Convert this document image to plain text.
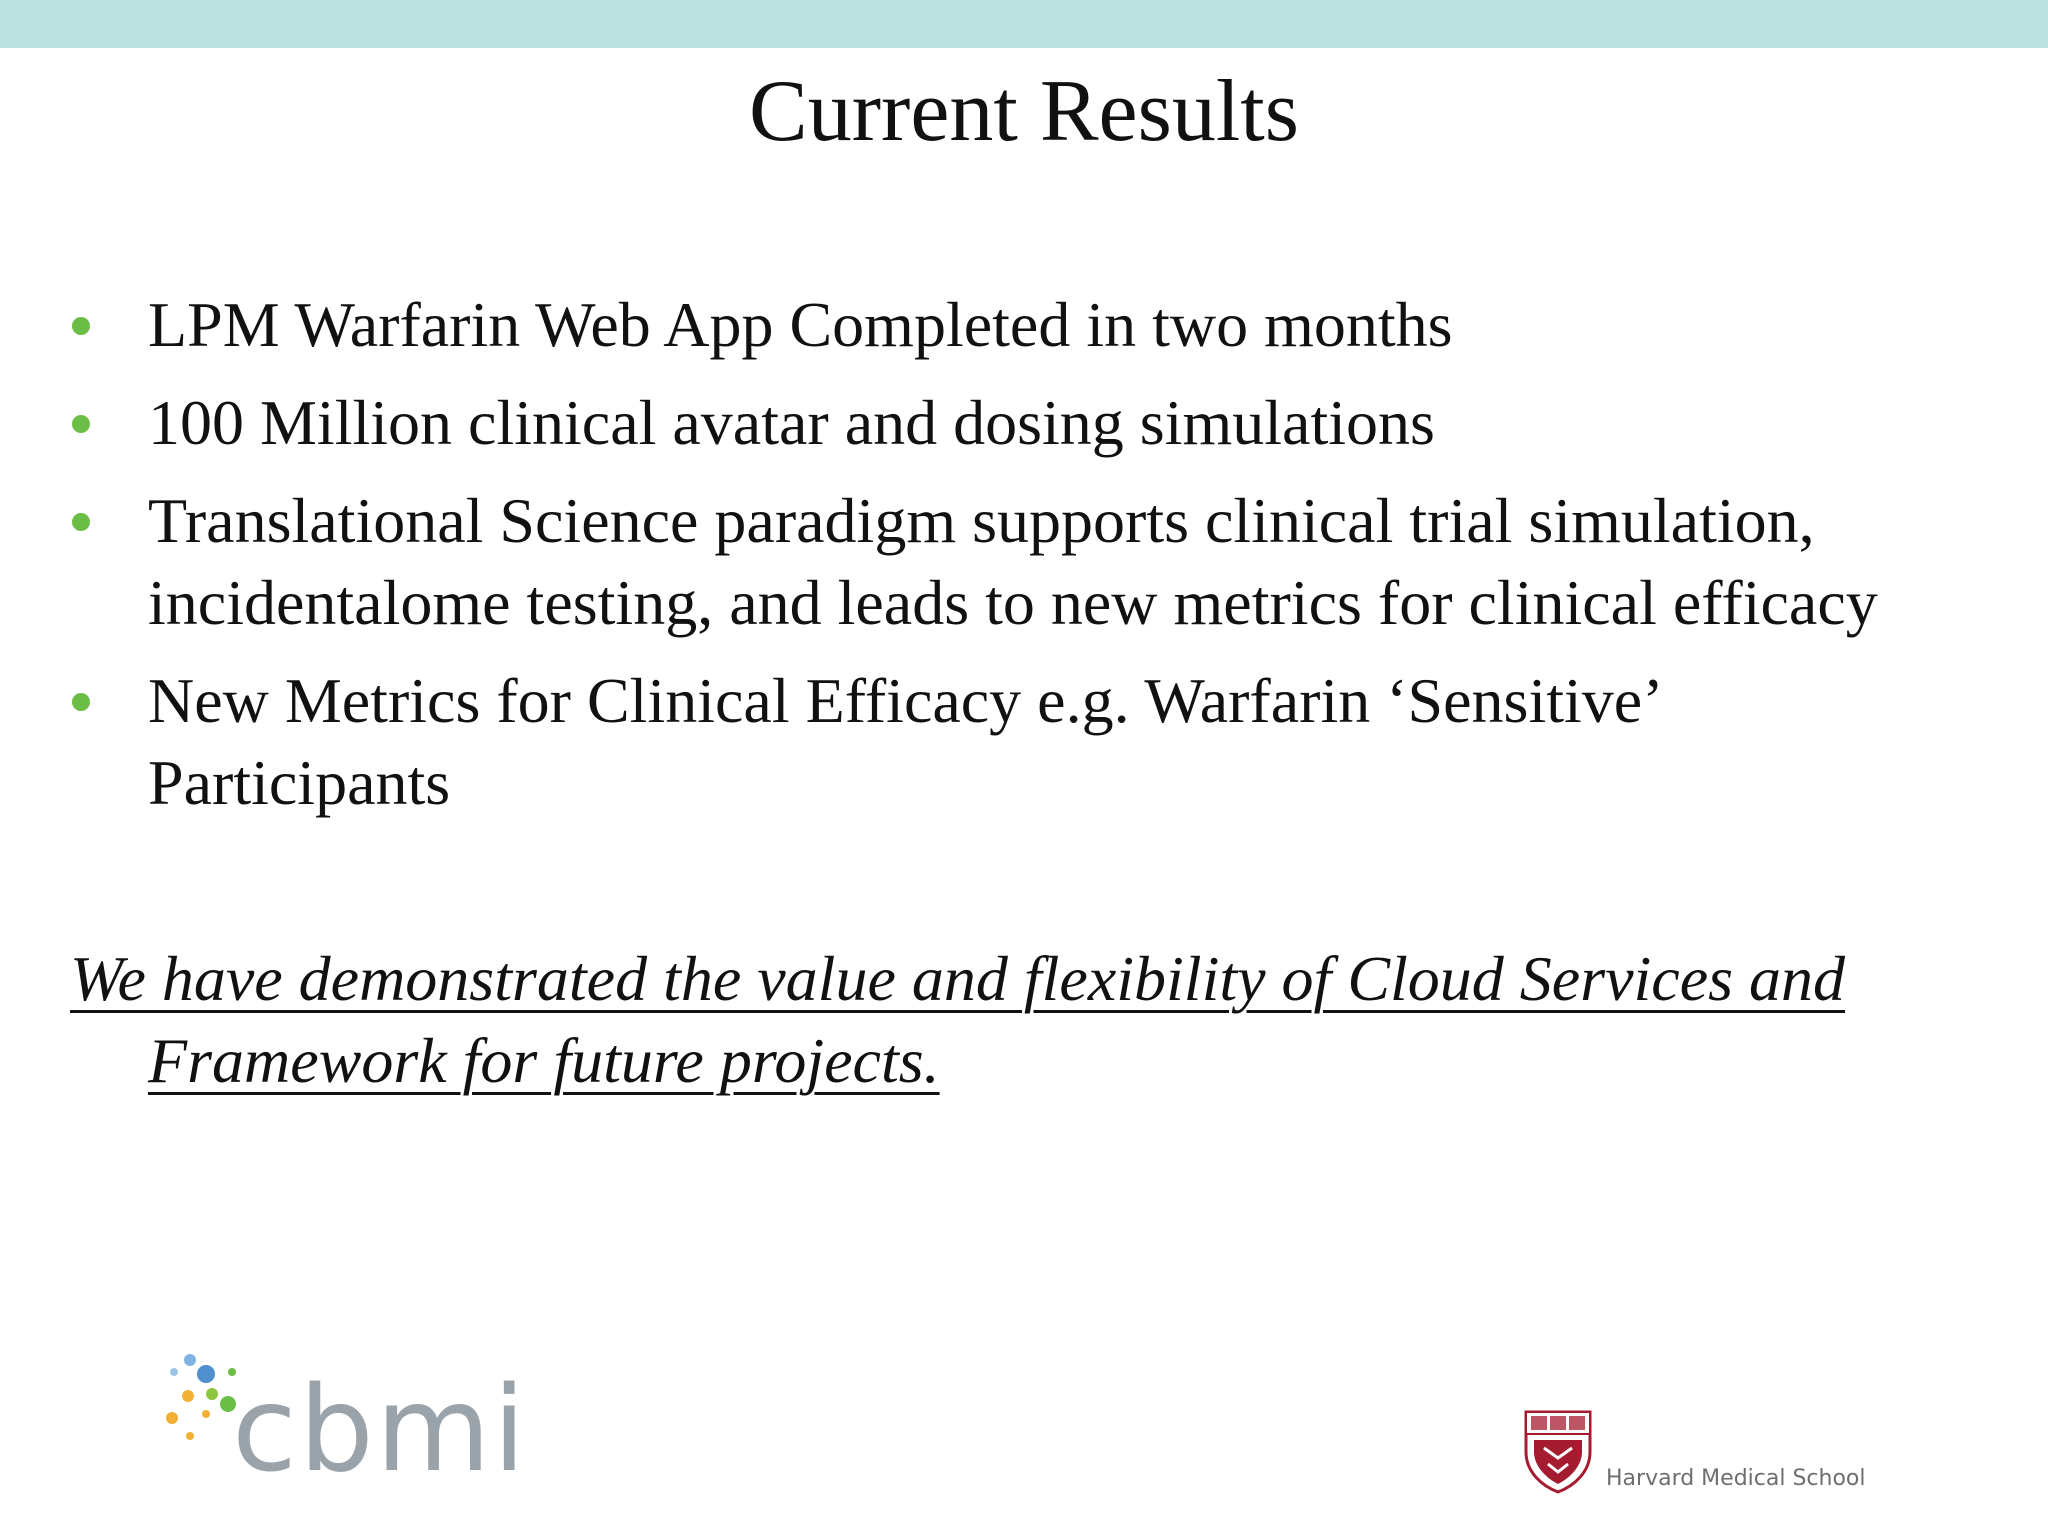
Current Results
LPM Warfarin Web App Completed in two months
100 Million clinical avatar and dosing simulations
Translational Science paradigm supports clinical trial simulation,
incidentalome testing, and leads to new metrics for clinical efficacy
New Metrics for Clinical Efficacy e.g. Warfarin ‘Sensitive’
Participants
We have demonstrated the value and flexibility of Cloud Services and
Framework for future projects.
cbmi	Harvard Medical School
